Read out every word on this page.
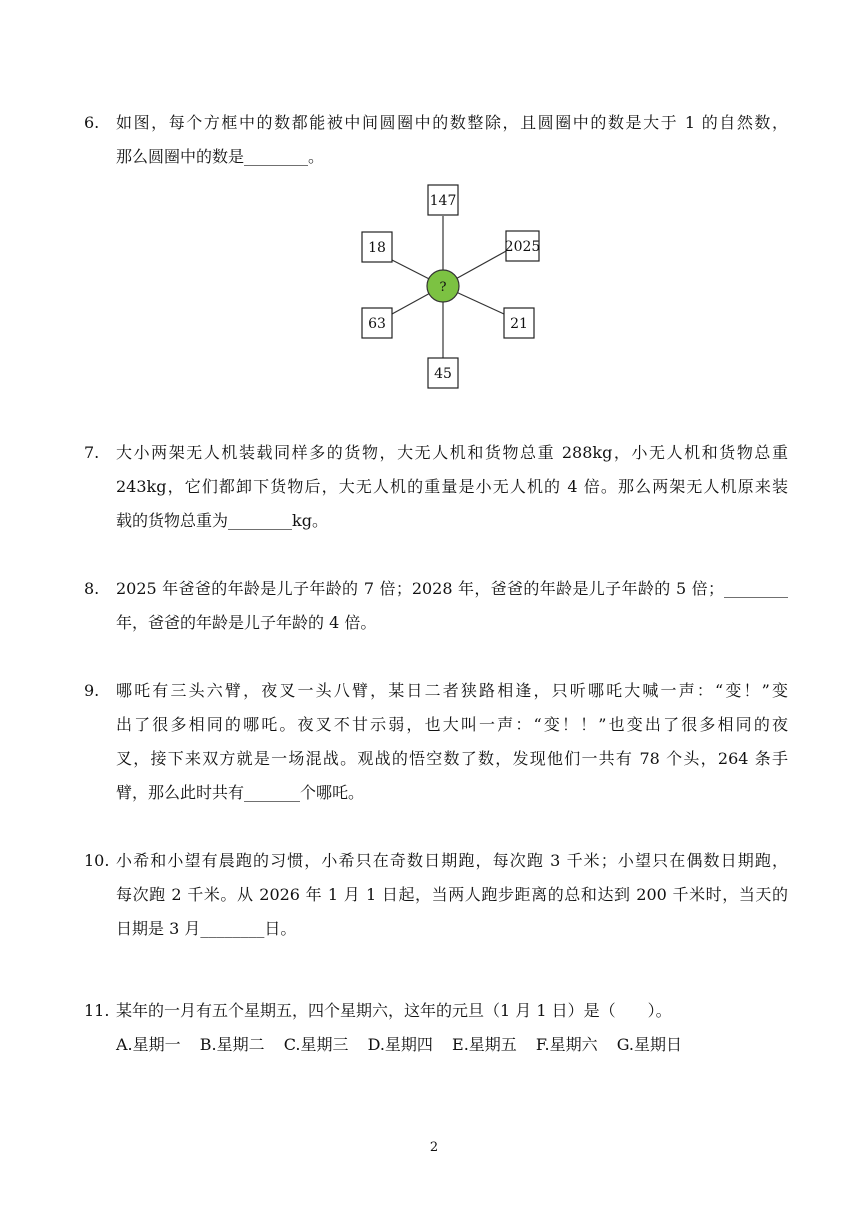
6. 如图，每个方框中的数都能被中间圆圈中的数整除，且圆圈中的数是大于 1 的自然数，
那么圆圈中的数是________。
?
147
2025
21
45
63
18
7. 大小两架无人机装载同样多的货物，大无人机和货物总重 288kg，小无人机和货物总重
243kg，它们都卸下货物后，大无人机的重量是小无人机的 4 倍。那么两架无人机原来装
载的货物总重为________kg。
8. 2025 年爸爸的年龄是儿子年龄的 7 倍；2028 年，爸爸的年龄是儿子年龄的 5 倍；________
年，爸爸的年龄是儿子年龄的 4 倍。
9. 哪吒有三头六臂，夜叉一头八臂，某日二者狭路相逢，只听哪吒大喊一声：“变！”变
出了很多相同的哪吒。夜叉不甘示弱，也大叫一声：“变！！”也变出了很多相同的夜
叉，接下来双方就是一场混战。观战的悟空数了数，发现他们一共有 78 个头，264 条手
臂，那么此时共有_______个哪吒。
10. 小希和小望有晨跑的习惯，小希只在奇数日期跑，每次跑 3 千米；小望只在偶数日期跑，
每次跑 2 千米。从 2026 年 1 月 1 日起，当两人跑步距离的总和达到 200 千米时，当天的
日期是 3 月________日。
11. 某年的一月有五个星期五，四个星期六，这年的元旦（1 月 1 日）是（　　）。
A.星期一 B.星期二 C.星期三 D.星期四 E.星期五 F.星期六 G.星期日
2
